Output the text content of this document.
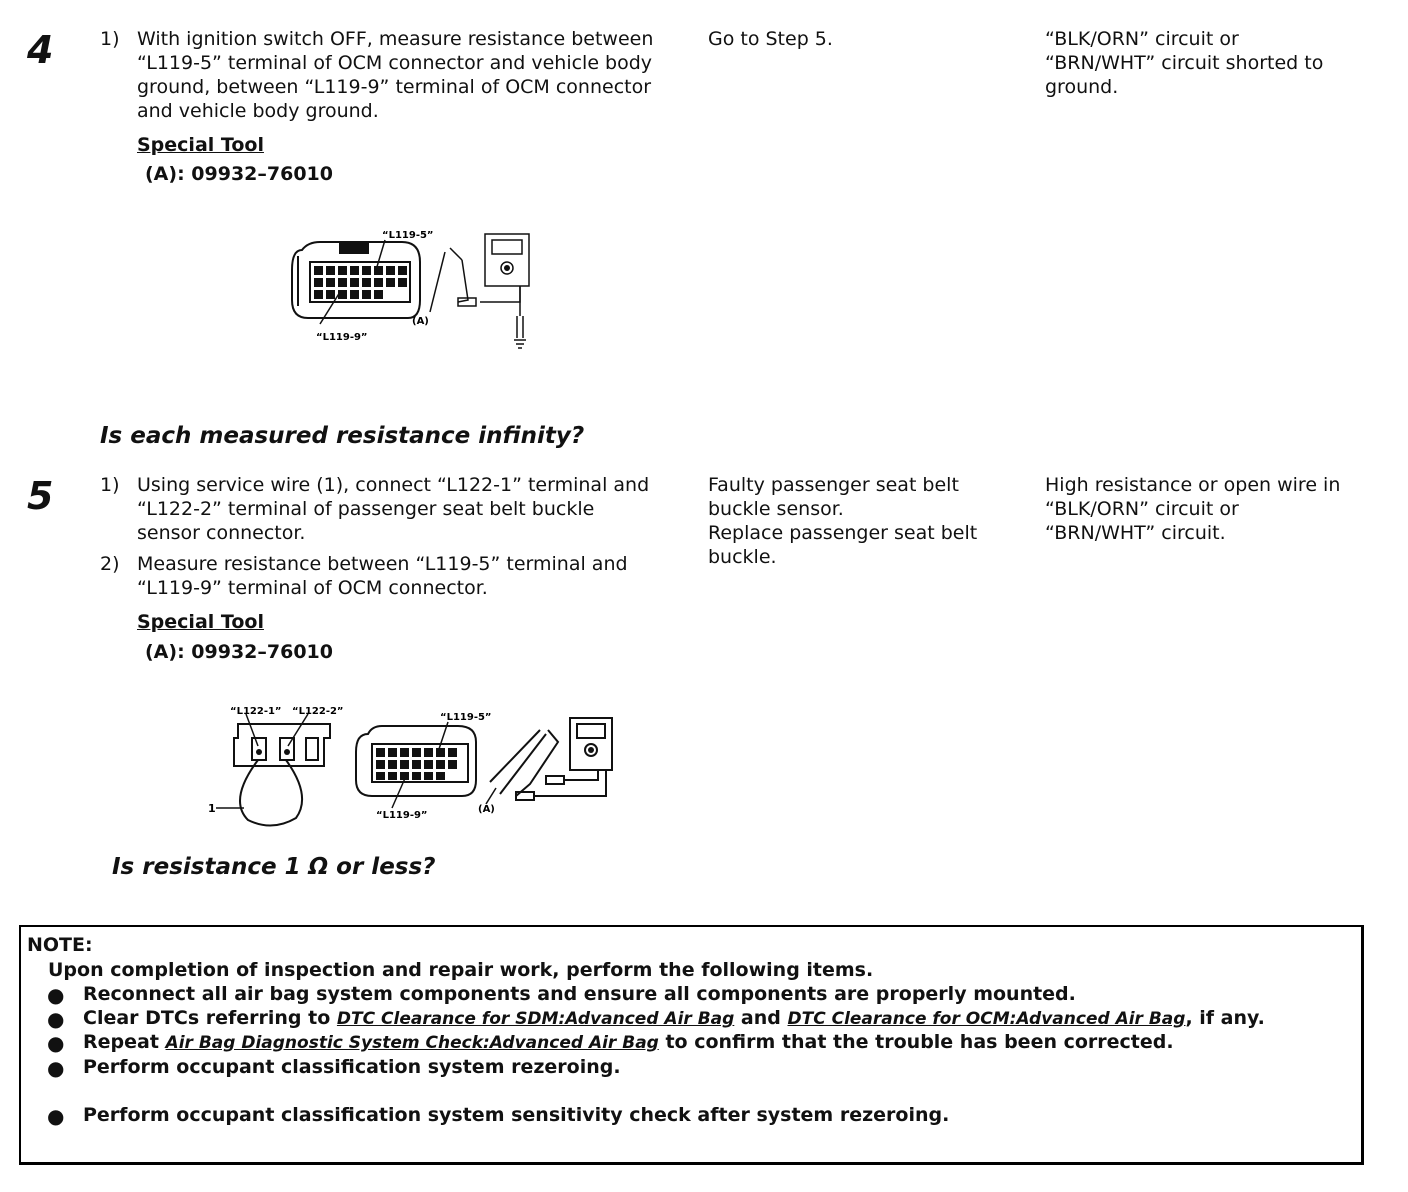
4 1) With ignition switch OFF, measure resistance between
“L119-5” terminal of OCM connector and vehicle body
ground, between “L119-9” terminal of OCM connector
and vehicle body ground.
Special Tool
(A): 09932–76010
“L119-5”
“L119-9”
(A)
Is each measured resistance infinity?
Go to Step 5.	“BLK/ORN” circuit or
“BRN/WHT” circuit shorted to
ground.
5 1) Using service wire (1), connect “L122-1” terminal and
“L122-2” terminal of passenger seat belt buckle
sensor connector.
2) Measure resistance between “L119-5” terminal and
“L119-9” terminal of OCM connector.
Special Tool
(A): 09932–76010
“L122-1” “L122-2”
“L119-5”
“L119-9”
1	(A)
Is resistance 1 Ω or less?
Faulty passenger seat belt
buckle sensor.
Replace passenger seat belt
buckle.
High resistance or open wire in
“BLK/ORN” circuit or
“BRN/WHT” circuit.
NOTE:
Upon completion of inspection and repair work, perform the following items.
● Reconnect all air bag system components and ensure all components are properly mounted.
● Clear DTCs referring to DTC Clearance for SDM:Advanced Air Bag and DTC Clearance for OCM:Advanced Air Bag, if any.
● Repeat Air Bag Diagnostic System Check:Advanced Air Bag to confirm that the trouble has been corrected.
● Perform occupant classification system rezeroing.
● Perform occupant classification system sensitivity check after system rezeroing.
